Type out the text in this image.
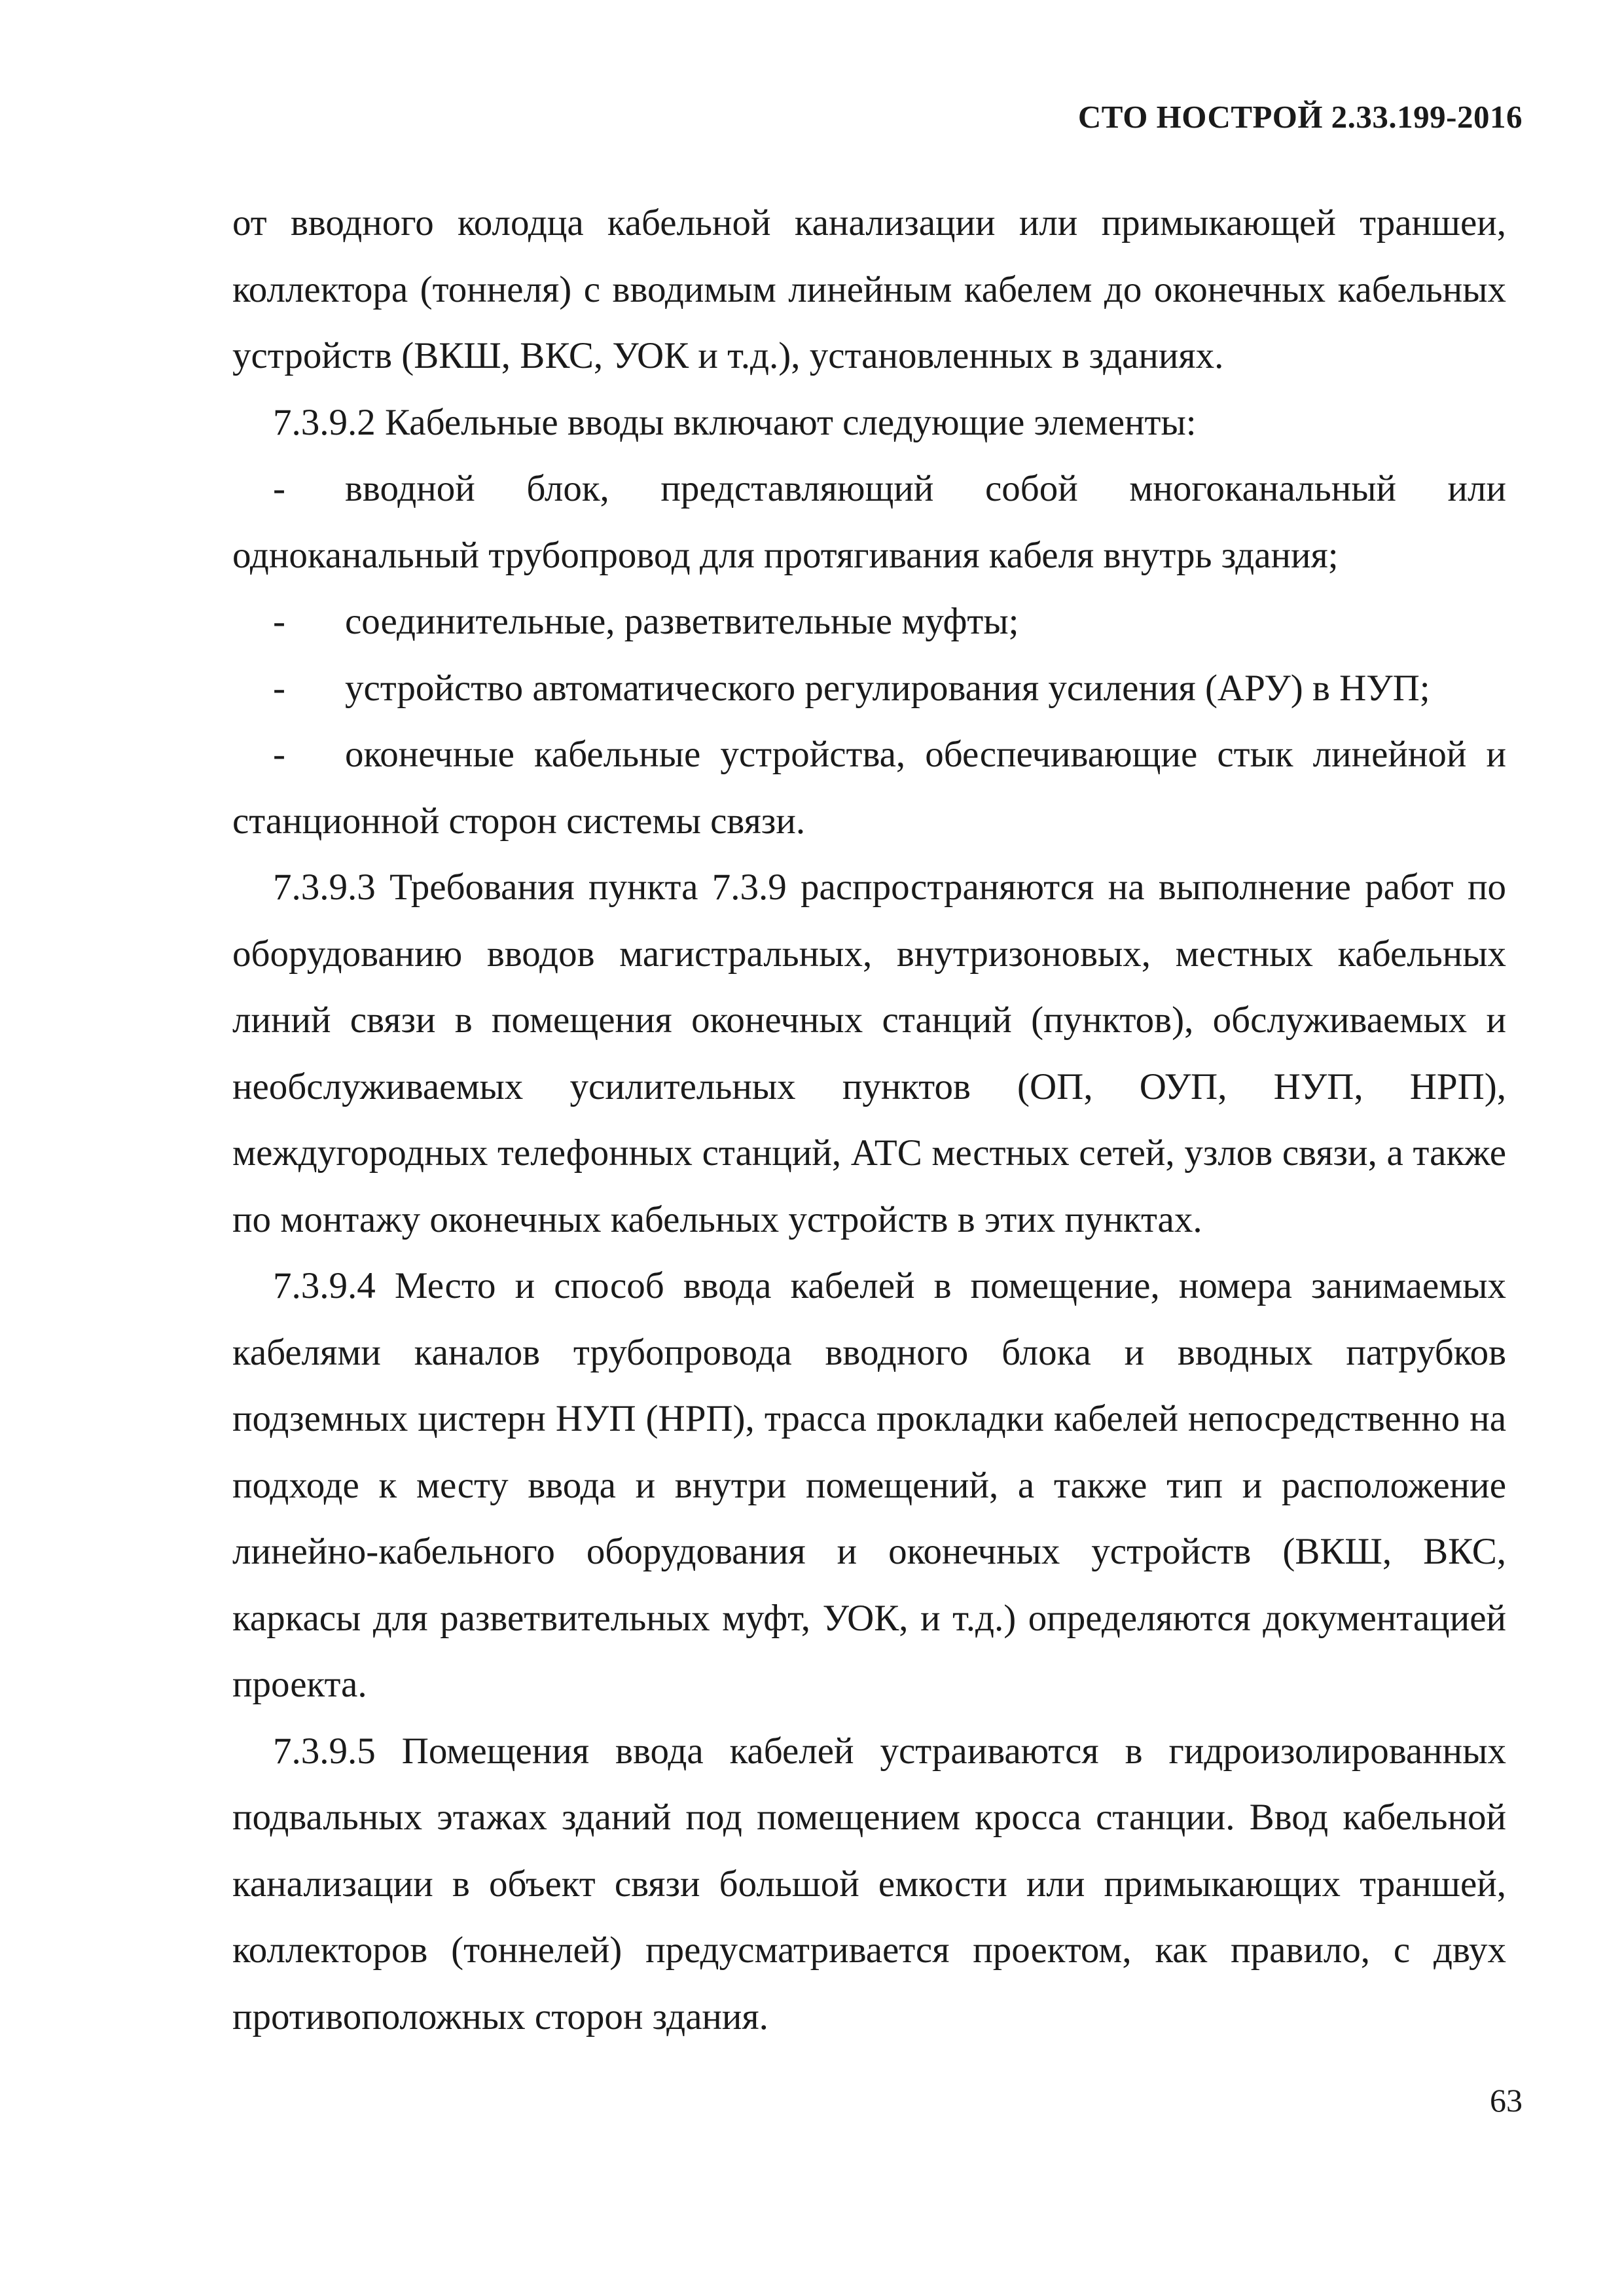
СТО НОСТРОЙ 2.33.199-2016

от вводного колодца кабельной канализации или примыкающей траншеи, коллектора (тоннеля) с вводимым линейным кабелем до оконечных кабельных устройств (ВКШ, ВКС, УОК и т.д.), установленных в зданиях.

7.3.9.2 Кабельные вводы включают следующие элементы:

- вводной блок, представляющий собой многоканальный или одноканальный трубопровод для протягивания кабеля внутрь здания;

- соединительные, разветвительные муфты;

- устройство автоматического регулирования усиления (АРУ) в НУП;

- оконечные кабельные устройства, обеспечивающие стык линейной и станционной сторон системы связи.

7.3.9.3 Требования пункта 7.3.9 распространяются на выполнение работ по оборудованию вводов магистральных, внутризоновых, местных кабельных линий связи в помещения оконечных станций (пунктов), обслуживаемых и необслуживаемых усилительных пунктов (ОП, ОУП, НУП, НРП), междугородных телефонных станций, АТС местных сетей, узлов связи, а также по монтажу оконечных кабельных устройств в этих пунктах.

7.3.9.4 Место и способ ввода кабелей в помещение, номера занимаемых кабелями каналов трубопровода вводного блока и вводных патрубков подземных цистерн НУП (НРП), трасса прокладки кабелей непосредственно на подходе к месту ввода и внутри помещений, а также тип и расположение линейно-кабельного оборудования и оконечных устройств (ВКШ, ВКС, каркасы для разветвительных муфт, УОК, и т.д.) определяются документацией проекта.

7.3.9.5 Помещения ввода кабелей устраиваются в гидроизолированных подвальных этажах зданий под помещением кросса станции. Ввод кабельной канализации в объект связи большой емкости или примыкающих траншей, коллекторов (тоннелей) предусматривается проектом, как правило, с двух противоположных сторон здания.

63
